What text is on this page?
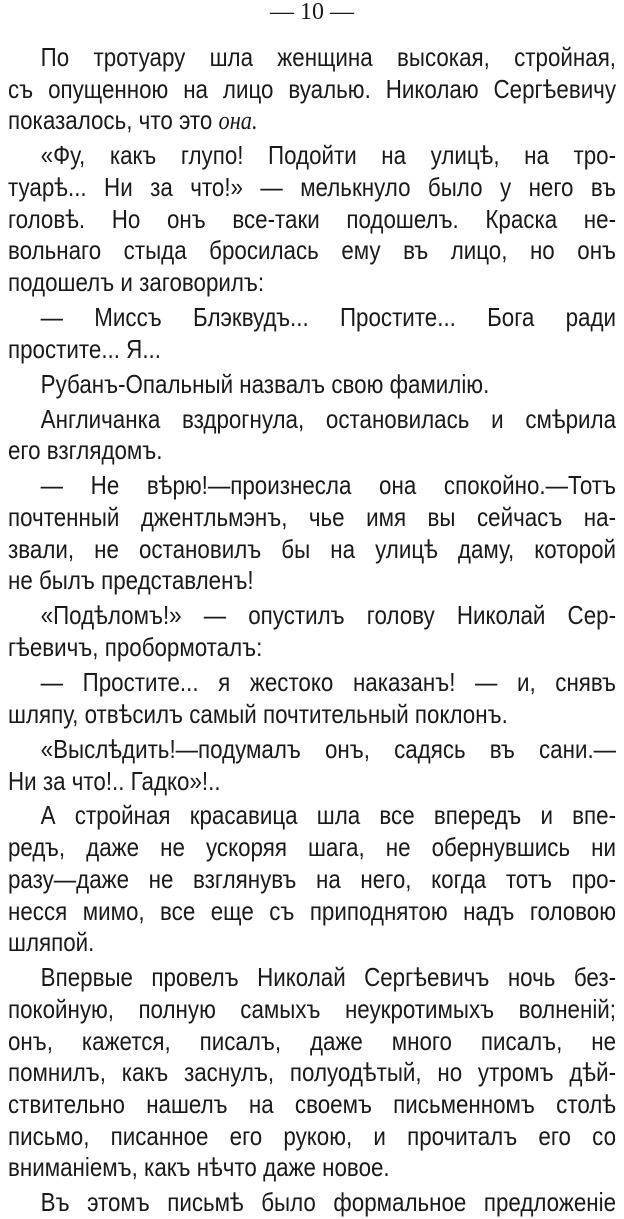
— 10 —
По тротуару шла женщина высокая, стройная,
съ опущенною на лицо вуалью. Николаю Сергѣевичу
показалось, что это она.
«Фу, какъ глупо! Подойти на улицѣ, на тро-
туарѣ... Ни за что!» — мелькнуло было у него въ
головѣ. Но онъ все-таки подошелъ. Краска не-
вольнаго стыда бросилась ему въ лицо, но онъ
подошелъ и заговорилъ:
— Миссъ Блэквудъ... Простите... Бога ради
простите... Я...
Рубанъ-Опальный назвалъ свою фамилію.
Англичанка вздрогнула, остановилась и смѣрила
его взглядомъ.
— Не вѣрю!—произнесла она спокойно.—Тотъ
почтенный джентльмэнъ, чье имя вы сейчасъ на-
звали, не остановилъ бы на улицѣ даму, которой
не былъ представленъ!
«Подѣломъ!» — опустилъ голову Николай Сер-
гѣевичъ, пробормоталъ:
— Простите... я жестоко наказанъ! — и, снявъ
шляпу, отвѣсилъ самый почтительный поклонъ.
«Выслѣдить!—подумалъ онъ, садясь въ сани.—
Ни за что!.. Гадко»!..
А стройная красавица шла все впередъ и впе-
редъ, даже не ускоряя шага, не обернувшись ни
разу—даже не взглянувъ на него, когда тотъ про-
несся мимо, все еще съ приподнятою надъ головою
шляпой.
Впервые провелъ Николай Сергѣевичъ ночь без-
покойную, полную самыхъ неукротимыхъ волненій;
онъ, кажется, писалъ, даже много писалъ, не
помнилъ, какъ заснулъ, полуодѣтый, но утромъ дѣй-
ствительно нашелъ на своемъ письменномъ столѣ
письмо, писанное его рукою, и прочиталъ его со
вниманіемъ, какъ нѣчто даже новое.
Въ этомъ письмѣ было формальное предложеніе
